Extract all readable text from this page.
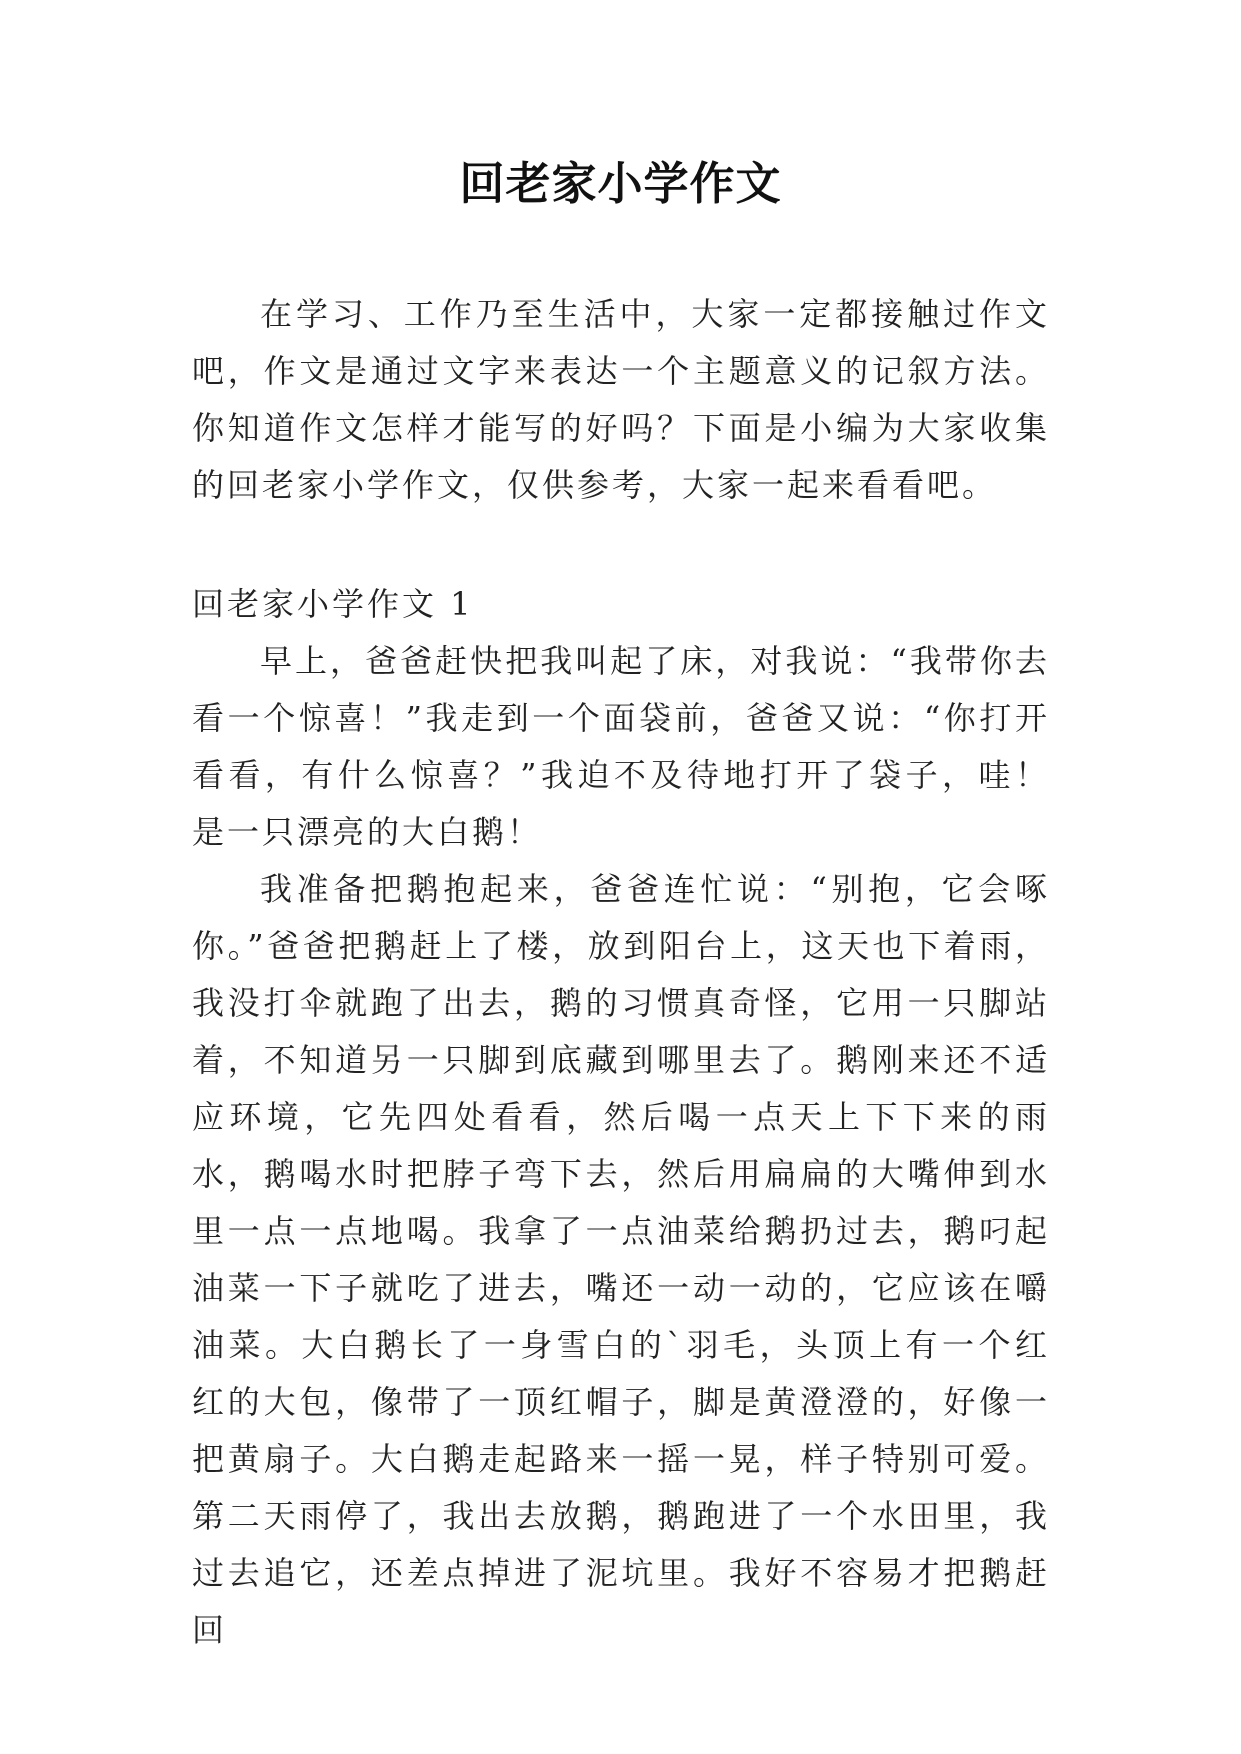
回老家小学作文

在学习、工作乃至生活中，大家一定都接触过作文吧，作文是通过文字来表达一个主题意义的记叙方法。你知道作文怎样才能写的好吗？下面是小编为大家收集的回老家小学作文，仅供参考，大家一起来看看吧。

回老家小学作文 1

早上，爸爸赶快把我叫起了床，对我说：“我带你去看一个惊喜！”我走到一个面袋前，爸爸又说：“你打开看看，有什么惊喜？”我迫不及待地打开了袋子，哇！是一只漂亮的大白鹅！

我准备把鹅抱起来，爸爸连忙说：“别抱，它会啄你。”爸爸把鹅赶上了楼，放到阳台上，这天也下着雨，我没打伞就跑了出去，鹅的习惯真奇怪，它用一只脚站着，不知道另一只脚到底藏到哪里去了。鹅刚来还不适应环境，它先四处看看，然后喝一点天上下下来的雨水，鹅喝水时把脖子弯下去，然后用扁扁的大嘴伸到水里一点一点地喝。我拿了一点油菜给鹅扔过去，鹅叼起油菜一下子就吃了进去，嘴还一动一动的，它应该在嚼油菜。大白鹅长了一身雪白的`羽毛，头顶上有一个红红的大包，像带了一顶红帽子，脚是黄澄澄的，好像一把黄扇子。大白鹅走起路来一摇一晃，样子特别可爱。第二天雨停了，我出去放鹅，鹅跑进了一个水田里，我过去追它，还差点掉进了泥坑里。我好不容易才把鹅赶回
